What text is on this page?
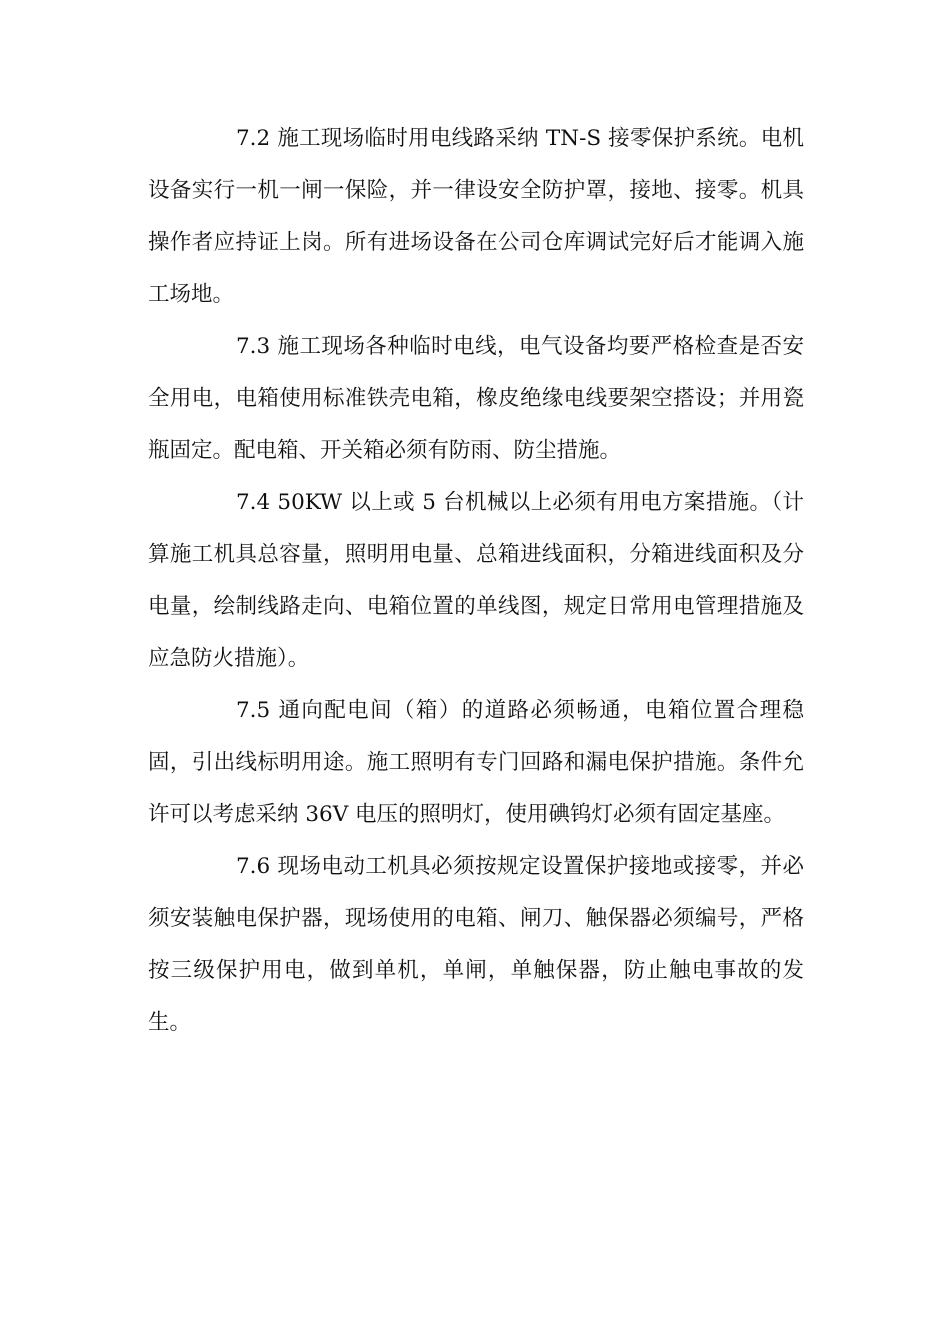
7.2 施工现场临时用电线路采纳 TN-S 接零保护系统。电机设备实行一机一闸一保险，并一律设安全防护罩，接地、接零。机具操作者应持证上岗。所有进场设备在公司仓库调试完好后才能调入施工场地。

7.3 施工现场各种临时电线，电气设备均要严格检查是否安全用电，电箱使用标准铁壳电箱，橡皮绝缘电线要架空搭设；并用瓷瓶固定。配电箱、开关箱必须有防雨、防尘措施。

7.4 50KW 以上或 5 台机械以上必须有用电方案措施。（计算施工机具总容量，照明用电量、总箱进线面积，分箱进线面积及分电量，绘制线路走向、电箱位置的单线图，规定日常用电管理措施及应急防火措施）。

7.5 通向配电间（箱）的道路必须畅通，电箱位置合理稳固，引出线标明用途。施工照明有专门回路和漏电保护措施。条件允许可以考虑采纳 36V 电压的照明灯，使用碘钨灯必须有固定基座。

7.6 现场电动工机具必须按规定设置保护接地或接零，并必须安装触电保护器，现场使用的电箱、闸刀、触保器必须编号，严格按三级保护用电，做到单机，单闸，单触保器，防止触电事故的发生。
